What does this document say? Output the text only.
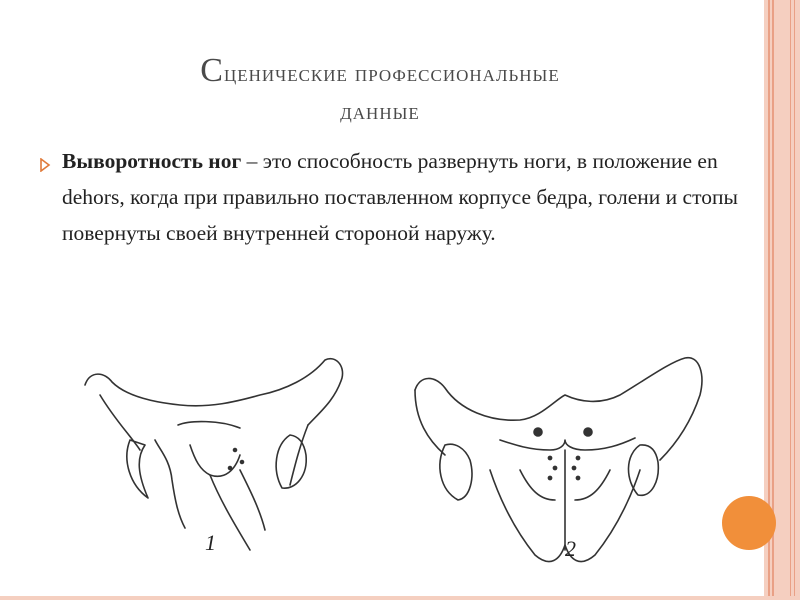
Сценические профессиональные
данные
Выворотность ног – это способность развернуть ноги, в положение en dehors, когда при правильно поставленном корпусе бедра, голени и стопы повернуты своей внутренней стороной наружу.
1	2
